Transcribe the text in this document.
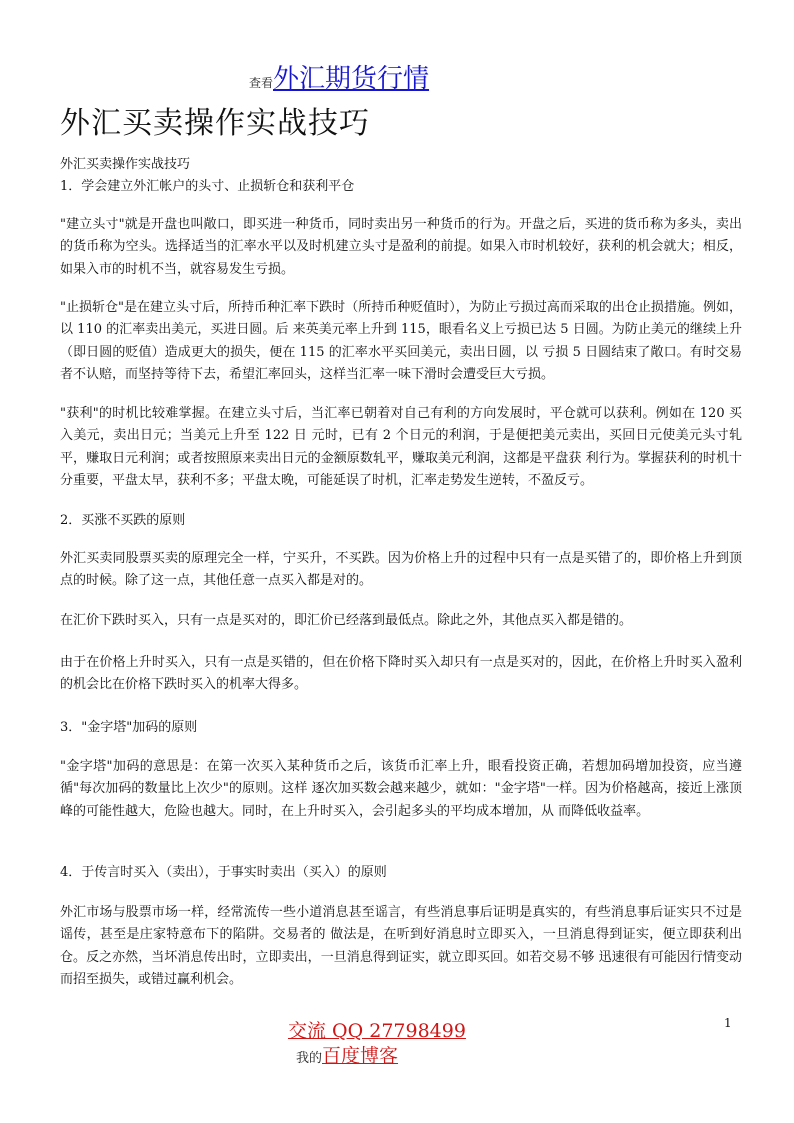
查看外汇期货行情
外汇买卖操作实战技巧

外汇买卖操作实战技巧

1．学会建立外汇帐户的头寸、止损斩仓和获利平仓

"建立头寸"就是开盘也叫敞口，即买进一种货币，同时卖出另一种货币的行为。开盘之后，买进的货币称为多头，卖出的货币称为空头。选择适当的汇率水平以及时机建立头寸是盈利的前提。如果入市时机较好，获利的机会就大；相反，如果入市的时机不当，就容易发生亏损。

"止损斩仓"是在建立头寸后，所持币种汇率下跌时（所持币种贬值时），为防止亏损过高而采取的出仓止损措施。例如，以 110 的汇率卖出美元，买进日圆。后 来英美元率上升到 115，眼看名义上亏损已达 5 日圆。为防止美元的继续上升（即日圆的贬值）造成更大的损失，便在 115 的汇率水平买回美元，卖出日圆，以 亏损 5 日圆结束了敞口。有时交易者不认赔，而坚持等待下去，希望汇率回头，这样当汇率一味下滑时会遭受巨大亏损。

"获利"的时机比较难掌握。在建立头寸后，当汇率已朝着对自己有利的方向发展时，平仓就可以获利。例如在 120 买入美元，卖出日元；当美元上升至 122 日 元时，已有 2 个日元的利润，于是便把美元卖出，买回日元使美元头寸轧平，赚取日元利润；或者按照原来卖出日元的金额原数轧平，赚取美元利润，这都是平盘获 利行为。掌握获利的时机十分重要，平盘太早，获利不多；平盘太晚，可能延误了时机，汇率走势发生逆转，不盈反亏。

2．买涨不买跌的原则

外汇买卖同股票买卖的原理完全一样，宁买升，不买跌。因为价格上升的过程中只有一点是买错了的，即价格上升到顶点的时候。除了这一点，其他任意一点买入都是对的。

在汇价下跌时买入，只有一点是买对的，即汇价已经落到最低点。除此之外，其他点买入都是错的。

由于在价格上升时买入，只有一点是买错的，但在价格下降时买入却只有一点是买对的，因此，在价格上升时买入盈利的机会比在价格下跌时买入的机率大得多。

3．"金字塔"加码的原则

"金字塔"加码的意思是：在第一次买入某种货币之后，该货币汇率上升，眼看投资正确，若想加码增加投资，应当遵循"每次加码的数量比上次少"的原则。这样 逐次加买数会越来越少，就如："金字塔"一样。因为价格越高，接近上涨顶峰的可能性越大，危险也越大。同时，在上升时买入，会引起多头的平均成本增加，从 而降低收益率。

4．于传言时买入（卖出），于事实时卖出（买入）的原则

外汇市场与股票市场一样，经常流传一些小道消息甚至谣言，有些消息事后证明是真实的，有些消息事后证实只不过是谣传，甚至是庄家特意布下的陷阱。交易者的 做法是，在听到好消息时立即买入，一旦消息得到证实，便立即获利出仓。反之亦然，当坏消息传出时，立即卖出，一旦消息得到证实，就立即买回。如若交易不够 迅速很有可能因行情变动而招至损失，或错过赢利机会。

交流 QQ 27798499	1
我的百度博客
